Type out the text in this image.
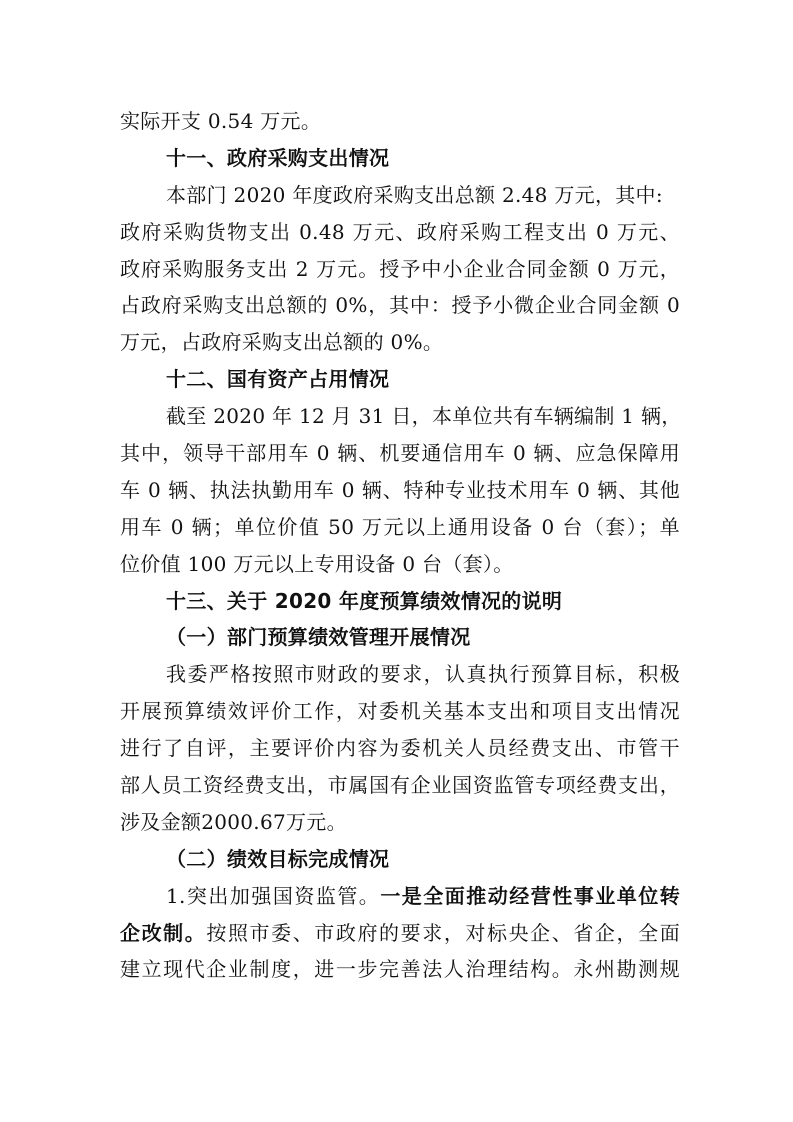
实际开支 0.54 万元。
十一、政府采购支出情况
本部门 2020 年度政府采购支出总额 2.48 万元，其中:
政府采购货物支出 0.48 万元、政府采购工程支出 0 万元、
政府采购服务支出 2 万元。授予中小企业合同金额 0 万元，
占政府采购支出总额的 0%，其中：授予小微企业合同金额 0
万元，占政府采购支出总额的 0%。
十二、国有资产占用情况
截至 2020 年 12 月 31 日，本单位共有车辆编制 1 辆，
其中，领导干部用车 0 辆、机要通信用车 0 辆、应急保障用
车 0 辆、执法执勤用车 0 辆、特种专业技术用车 0 辆、其他
用车 0 辆；单位价值 50 万元以上通用设备 0 台（套）；单
位价值 100 万元以上专用设备 0 台（套）。
十三、关于 2020 年度预算绩效情况的说明
（一）部门预算绩效管理开展情况
我委严格按照市财政的要求，认真执行预算目标，积极
开展预算绩效评价工作，对委机关基本支出和项目支出情况
进行了自评，主要评价内容为委机关人员经费支出、市管干
部人员工资经费支出，市属国有企业国资监管专项经费支出，
涉及金额2000.67万元。
（二）绩效目标完成情况
1.突出加强国资监管。一是全面推动经营性事业单位转
企改制。按照市委、市政府的要求，对标央企、省企，全面
建立现代企业制度，进一步完善法人治理结构。永州勘测规
